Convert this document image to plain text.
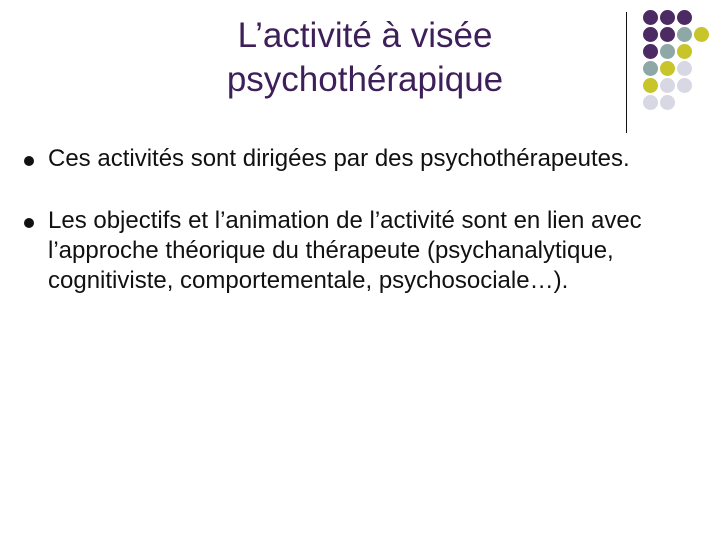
L’activité à visée psychothérapique
Ces activités sont dirigées par des psychothérapeutes.
Les objectifs et l’animation de l’activité sont en lien avec l’approche théorique du thérapeute (psychanalytique, cognitiviste, comportementale, psychosociale…).
